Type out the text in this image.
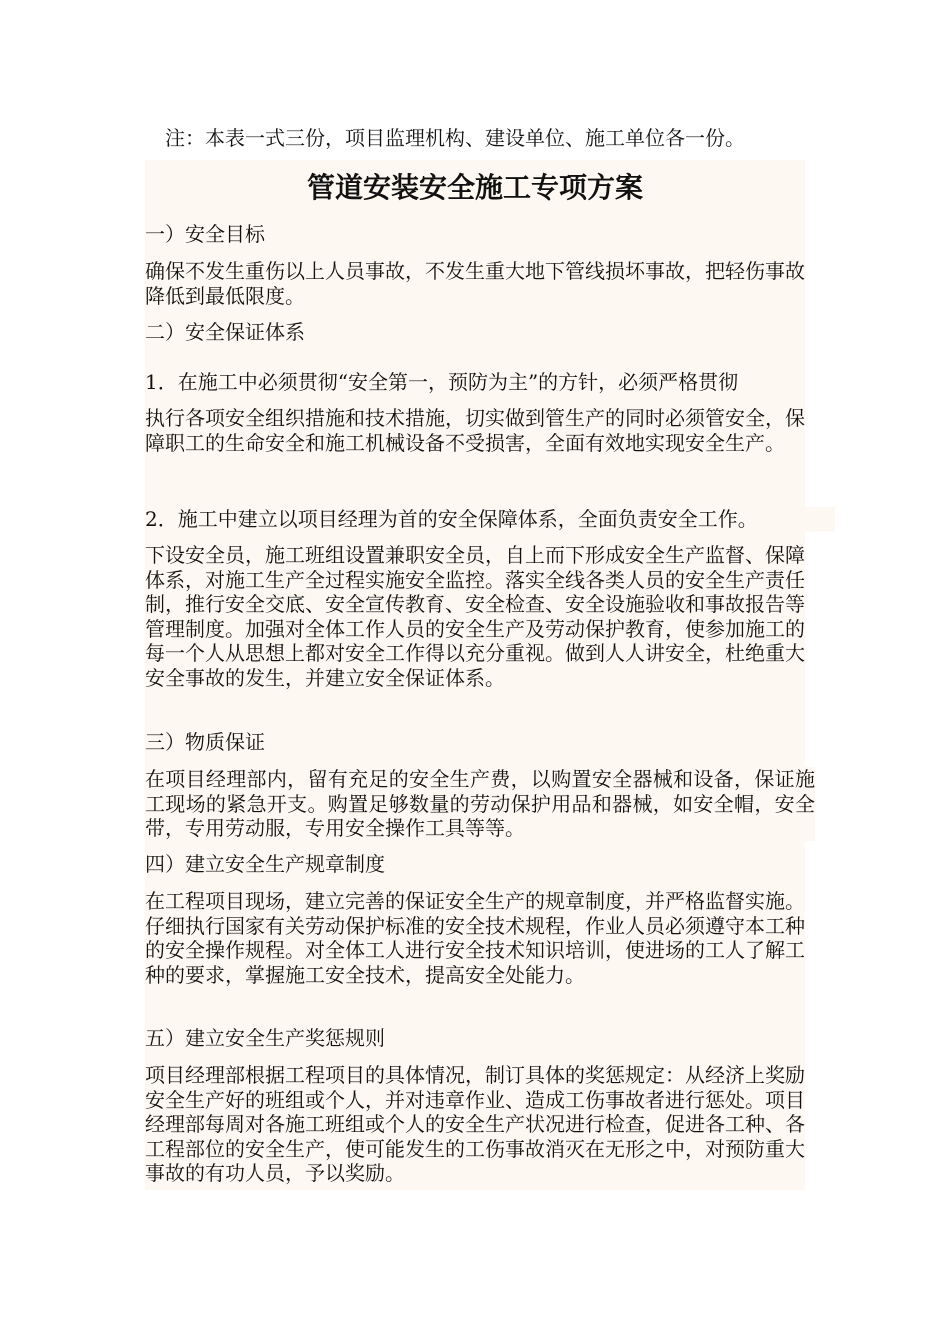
注：本表一式三份，项目监理机构、建设单位、施工单位各一份。
管道安装安全施工专项方案
一）安全目标

确保不发生重伤以上人员事故，不发生重大地下管线损坏事故，把轻伤事故降低到最低限度。

二）安全保证体系

1．在施工中必须贯彻“安全第一，预防为主”的方针，必须严格贯彻

执行各项安全组织措施和技术措施，切实做到管生产的同时必须管安全，保障职工的生命安全和施工机械设备不受损害，全面有效地实现安全生产。

2．施工中建立以项目经理为首的安全保障体系，全面负责安全工作。

下设安全员，施工班组设置兼职安全员，自上而下形成安全生产监督、保障体系，对施工生产全过程实施安全监控。落实全线各类人员的安全生产责任制，推行安全交底、安全宣传教育、安全检查、安全设施验收和事故报告等管理制度。加强对全体工作人员的安全生产及劳动保护教育，使参加施工的每一个人从思想上都对安全工作得以充分重视。做到人人讲安全，杜绝重大安全事故的发生，并建立安全保证体系。

三）物质保证

在项目经理部内，留有充足的安全生产费，以购置安全器械和设备，保证施工现场的紧急开支。购置足够数量的劳动保护用品和器械，如安全帽，安全带，专用劳动服，专用安全操作工具等等。

四）建立安全生产规章制度

在工程项目现场，建立完善的保证安全生产的规章制度，并严格监督实施。仔细执行国家有关劳动保护标准的安全技术规程，作业人员必须遵守本工种的安全操作规程。对全体工人进行安全技术知识培训，使进场的工人了解工种的要求，掌握施工安全技术，提高安全处能力。

五）建立安全生产奖惩规则

项目经理部根据工程项目的具体情况，制订具体的奖惩规定：从经济上奖励安全生产好的班组或个人，并对违章作业、造成工伤事故者进行惩处。项目经理部每周对各施工班组或个人的安全生产状况进行检查，促进各工种、各工程部位的安全生产，使可能发生的工伤事故消灭在无形之中，对预防重大事故的有功人员，予以奖励。
